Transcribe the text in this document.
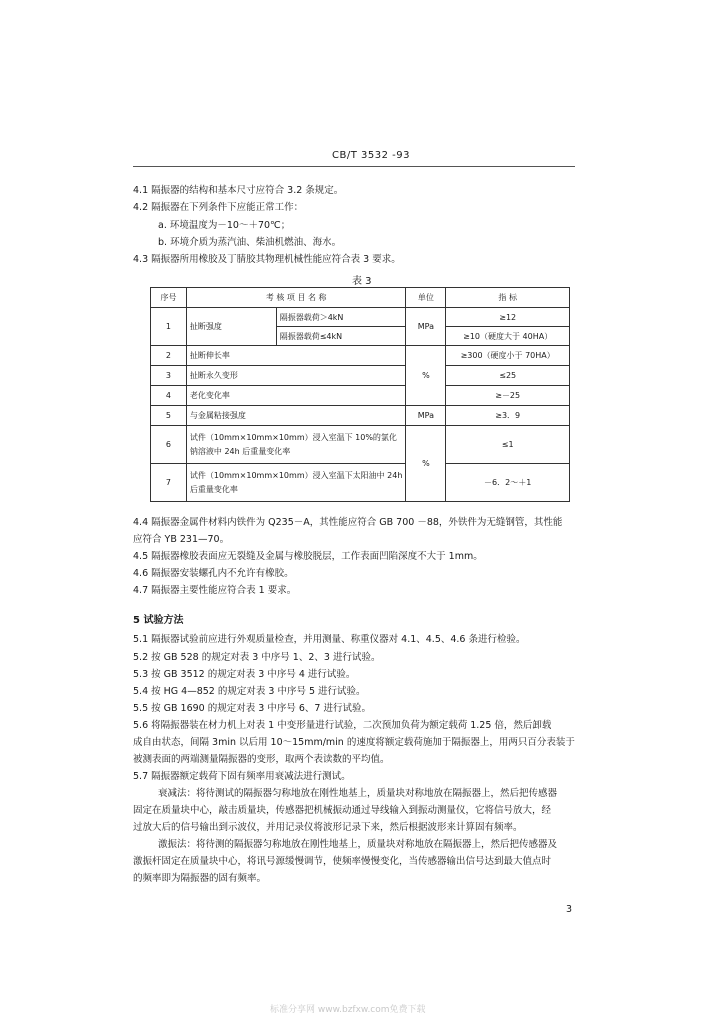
CB/T 3532 -93
4.1 隔振器的结构和基本尺寸应符合 3.2 条规定。
4.2 隔振器在下列条件下应能正常工作：
a. 环境温度为－10～＋70℃；
b. 环境介质为蒸汽油、柴油机燃油、海水。
4.3 隔振器所用橡胶及丁腈胶其物理机械性能应符合表 3 要求。
表 3
序号	考 核 项 目 名 称		单位	指 标
1	扯断强度	隔振器载荷＞4kN	MPa	≥12
		隔振器载荷≤4kN		≥10（硬度大于 40HA）
2	扯断伸长率		%	≥300（硬度小于 70HA）
3	扯断永久变形			≤25
4	老化变化率			≥－25
5	与金属粘接强度		MPa	≥3．9
6	试件（10mm×10mm×10mm）浸入室温下 10%的氯化
钠溶液中 24h 后重量变化率		%	≤1
7	试件（10mm×10mm×10mm）浸入室温下太阳油中 24h
后重量变化率			－6．2～＋1
4.4 隔振器金属件材料内铁件为 Q235－A，其性能应符合 GB 700 －88，外铁件为无缝钢管，其性能
应符合 YB 231—70。
4.5 隔振器橡胶表面应无裂缝及金属与橡胶脱层，工作表面凹陷深度不大于 1mm。
4.6 隔振器安装螺孔内不允许有橡胶。
4.7 隔振器主要性能应符合表 1 要求。
5 试验方法
5.1 隔振器试验前应进行外观质量检查，并用测量、称重仪器对 4.1、4.5、4.6 条进行检验。
5.2 按 GB 528 的规定对表 3 中序号 1、2、3 进行试验。
5.3 按 GB 3512 的规定对表 3 中序号 4 进行试验。
5.4 按 HG 4—852 的规定对表 3 中序号 5 进行试验。
5.5 按 GB 1690 的规定对表 3 中序号 6、7 进行试验。
5.6 将隔振器装在材力机上对表 1 中变形量进行试验，二次预加负荷为额定载荷 1.25 倍，然后卸载
成自由状态，间隔 3min 以后用 10～15mm/min 的速度将额定载荷施加于隔振器上，用两只百分表装于
被测表面的两端测量隔振器的变形，取两个表读数的平均值。
5.7 隔振器额定载荷下固有频率用衰减法进行测试。
衰减法：将待测试的隔振器匀称地放在刚性地基上，质量块对称地放在隔振器上，然后把传感器
固定在质量块中心，敲击质量块，传感器把机械振动通过导线输入到振动测量仪，它将信号放大，经
过放大后的信号输出到示波仪，并用记录仪将波形记录下来，然后根据波形来计算固有频率。
激振法：将待测的隔振器匀称地放在刚性地基上，质量块对称地放在隔振器上，然后把传感器及
激振杆固定在质量块中心，将讯号源缓慢调节，使频率慢慢变化，当传感器输出信号达到最大值点时
的频率即为隔振器的固有频率。
3
标准分享网 www.bzfxw.com免费下载
